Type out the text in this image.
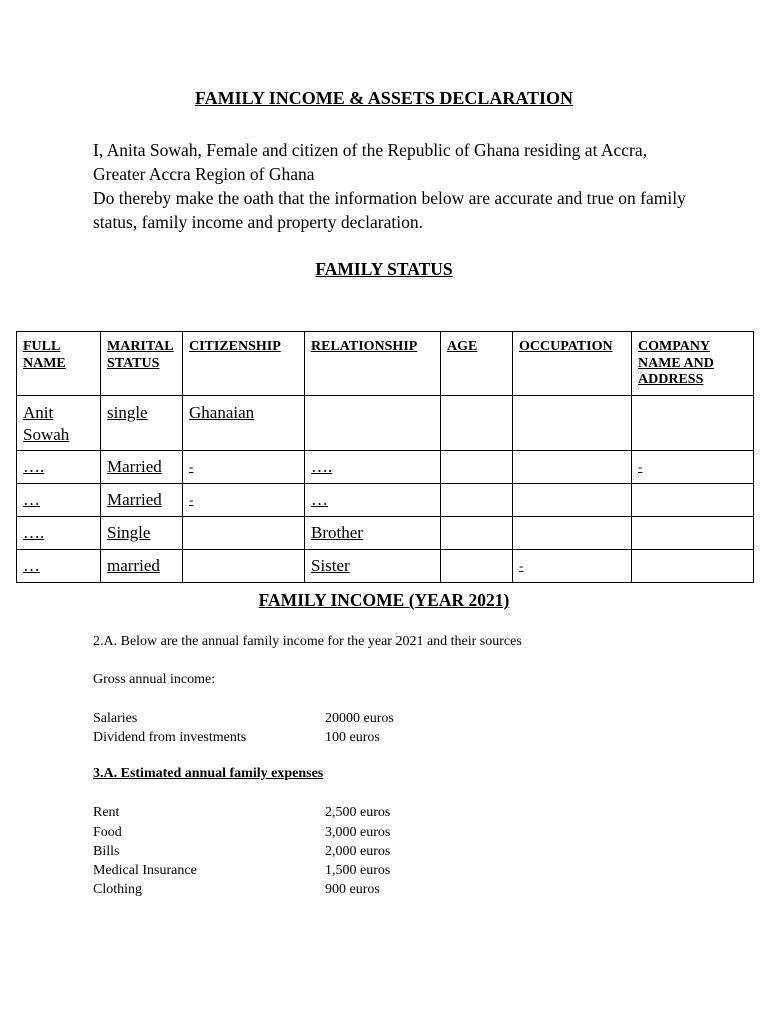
FAMILY INCOME & ASSETS DECLARATION

I, Anita Sowah, Female and citizen of the Republic of Ghana residing at Accra, Greater Accra Region of Ghana

Do thereby make the oath that the information below are accurate and true on family status, family income and property declaration.

FAMILY STATUS
FULL NAME	MARITAL STATUS	CITIZENSHIP	RELATIONSHIP	AGE	OCCUPATION	COMPANY NAME AND ADDRESS
Anit Sowah	single	Ghanaian				
….	Married	-	….			-
…	Married	-	…			
….	Single		Brother			
…	married		Sister		-	
FAMILY INCOME (YEAR 2021)
2.A. Below are the annual family income for the year 2021 and their sources
Gross annual income:
Salaries	20000 euros
Dividend from investments	100 euros
3.A. Estimated annual family expenses
Rent	2,500 euros
Food	3,000 euros
Bills	2,000 euros
Medical Insurance	1,500 euros
Clothing	900 euros
